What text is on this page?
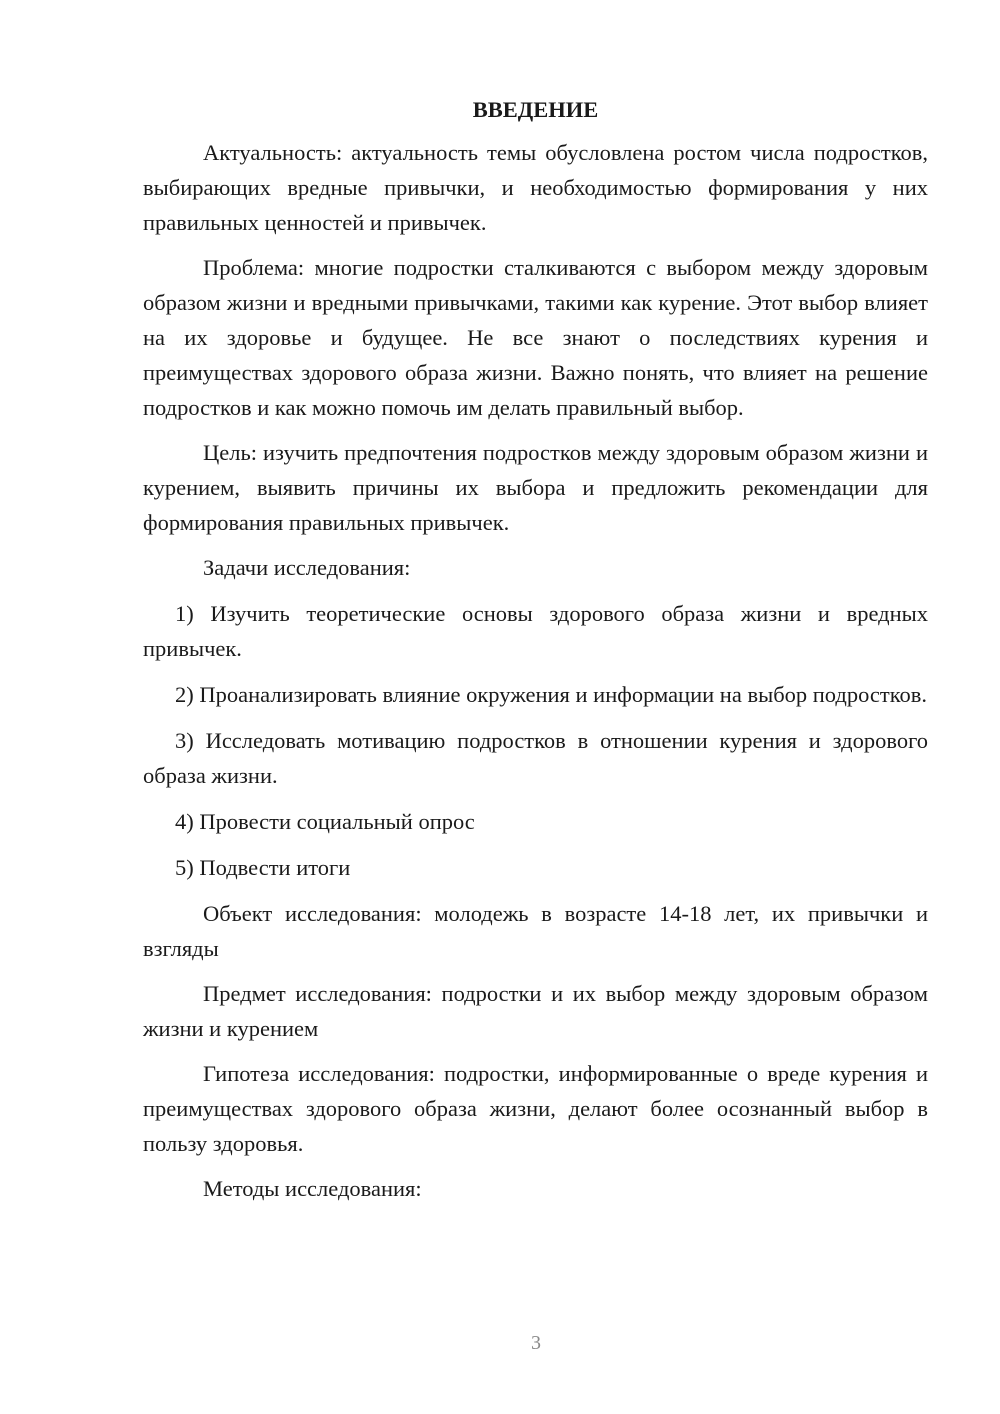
ВВЕДЕНИЕ

Актуальность: актуальность темы обусловлена ростом числа подростков, выбирающих вредные привычки, и необходимостью формирования у них правильных ценностей и привычек.

Проблема: многие подростки сталкиваются с выбором между здоровым образом жизни и вредными привычками, такими как курение. Этот выбор влияет на их здоровье и будущее. Не все знают о последствиях курения и преимуществах здорового образа жизни. Важно понять, что влияет на решение подростков и как можно помочь им делать правильный выбор.

Цель: изучить предпочтения подростков между здоровым образом жизни и курением, выявить причины их выбора и предложить рекомендации для формирования правильных привычек.

Задачи исследования:

1) Изучить теоретические основы здорового образа жизни и вредных привычек.

2) Проанализировать влияние окружения и информации на выбор подростков.

3) Исследовать мотивацию подростков в отношении курения и здорового образа жизни.

4) Провести социальный опрос

5) Подвести итоги

Объект исследования: молодежь в возрасте 14-18 лет, их привычки и взгляды

Предмет исследования: подростки и их выбор между здоровым образом жизни и курением

Гипотеза исследования: подростки, информированные о вреде курения и преимуществах здорового образа жизни, делают более осознанный выбор в пользу здоровья.

Методы исследования:

3
